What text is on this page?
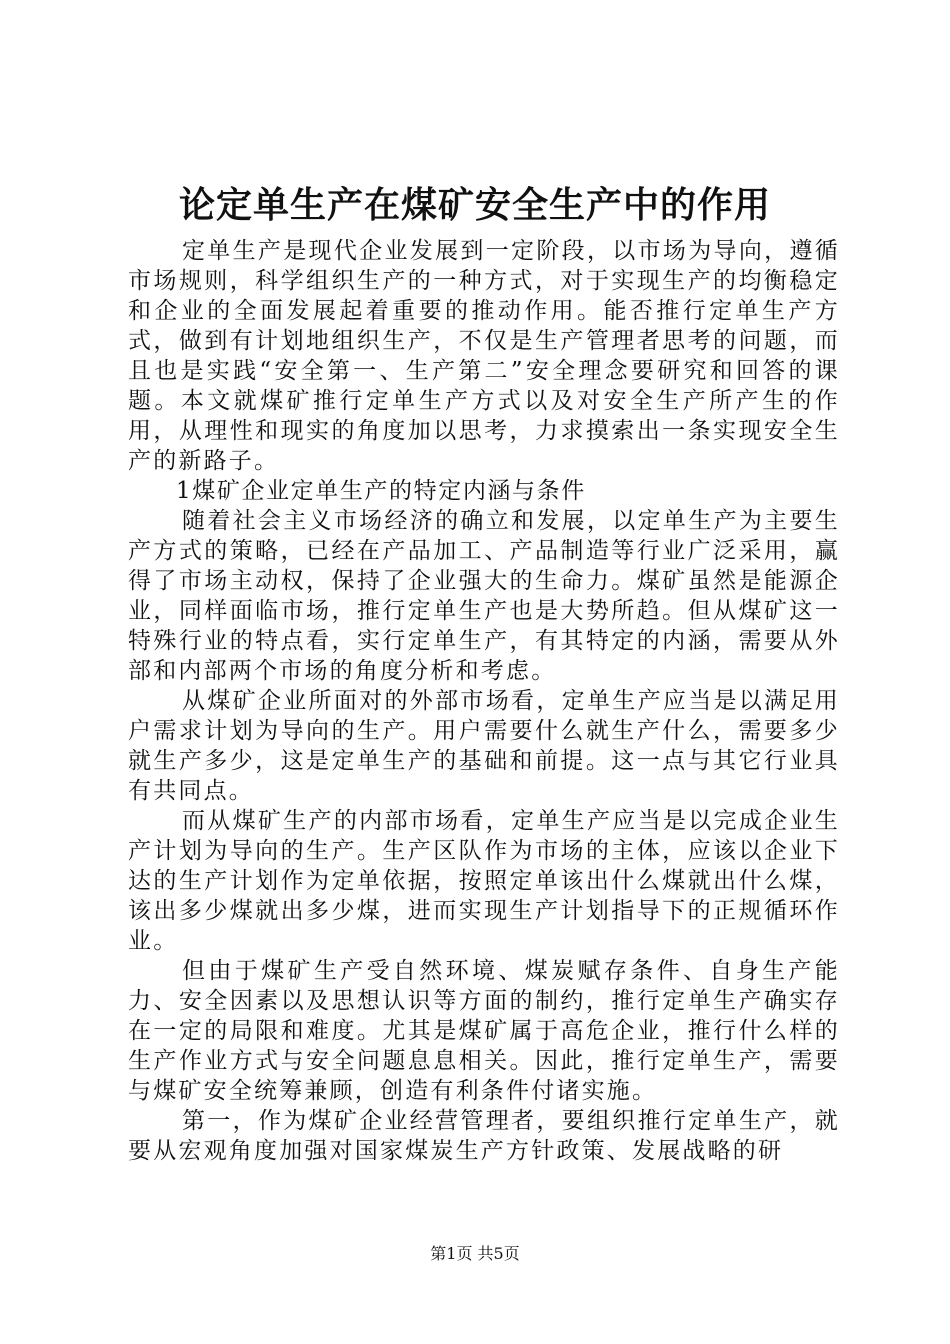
论定单生产在煤矿安全生产中的作用

定单生产是现代企业发展到一定阶段，以市场为导向，遵循市场规则，科学组织生产的一种方式，对于实现生产的均衡稳定和企业的全面发展起着重要的推动作用。能否推行定单生产方式，做到有计划地组织生产，不仅是生产管理者思考的问题，而且也是实践“安全第一、生产第二”安全理念要研究和回答的课题。本文就煤矿推行定单生产方式以及对安全生产所产生的作用，从理性和现实的角度加以思考，力求摸索出一条实现安全生产的新路子。

1煤矿企业定单生产的特定内涵与条件

随着社会主义市场经济的确立和发展，以定单生产为主要生产方式的策略，已经在产品加工、产品制造等行业广泛采用，赢得了市场主动权，保持了企业强大的生命力。煤矿虽然是能源企业，同样面临市场，推行定单生产也是大势所趋。但从煤矿这一特殊行业的特点看，实行定单生产，有其特定的内涵，需要从外部和内部两个市场的角度分析和考虑。

从煤矿企业所面对的外部市场看，定单生产应当是以满足用户需求计划为导向的生产。用户需要什么就生产什么，需要多少就生产多少，这是定单生产的基础和前提。这一点与其它行业具有共同点。

而从煤矿生产的内部市场看，定单生产应当是以完成企业生产计划为导向的生产。生产区队作为市场的主体，应该以企业下达的生产计划作为定单依据，按照定单该出什么煤就出什么煤，该出多少煤就出多少煤，进而实现生产计划指导下的正规循环作业。

但由于煤矿生产受自然环境、煤炭赋存条件、自身生产能力、安全因素以及思想认识等方面的制约，推行定单生产确实存在一定的局限和难度。尤其是煤矿属于高危企业，推行什么样的生产作业方式与安全问题息息相关。因此，推行定单生产，需要与煤矿安全统筹兼顾，创造有利条件付诸实施。

第一，作为煤矿企业经营管理者，要组织推行定单生产，就要从宏观角度加强对国家煤炭生产方针政策、发展战略的研

第1页 共5页
